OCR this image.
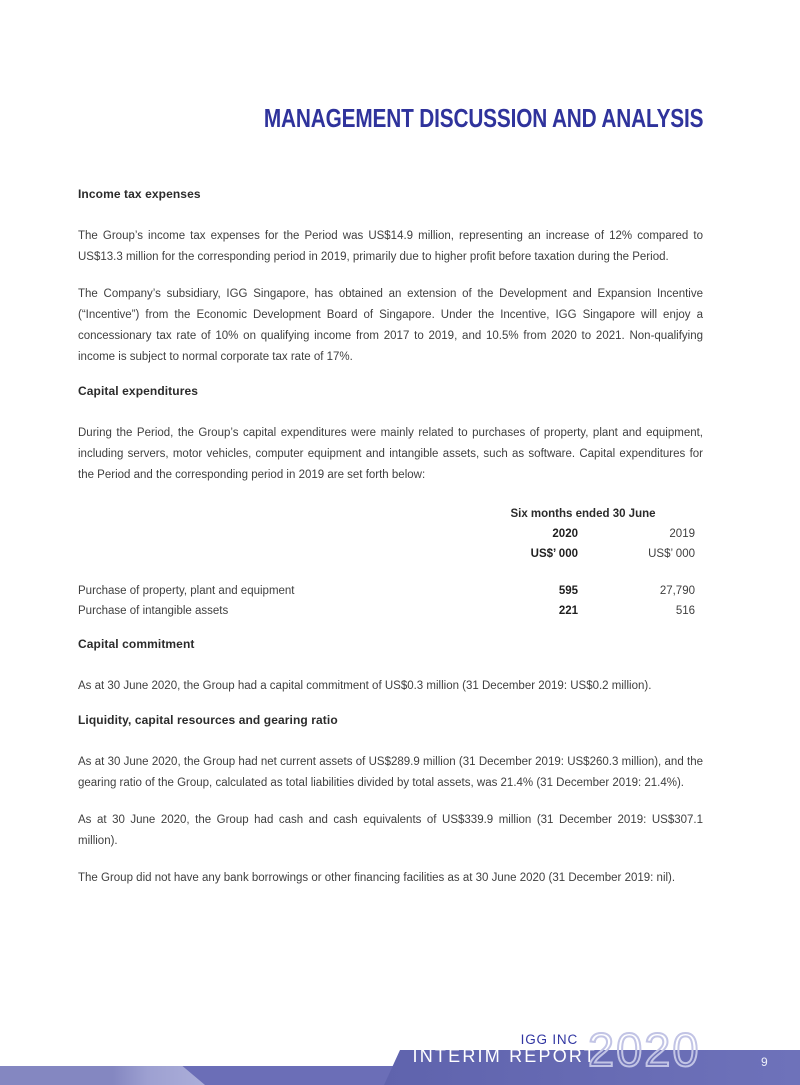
MANAGEMENT DISCUSSION AND ANALYSIS
Income tax expenses

The Group’s income tax expenses for the Period was US$14.9 million, representing an increase of 12% compared to US$13.3 million for the corresponding period in 2019, primarily due to higher profit before taxation during the Period.

The Company’s subsidiary, IGG Singapore, has obtained an extension of the Development and Expansion Incentive (“Incentive”) from the Economic Development Board of Singapore. Under the Incentive, IGG Singapore will enjoy a concessionary tax rate of 10% on qualifying income from 2017 to 2019, and 10.5% from 2020 to 2021. Non-qualifying income is subject to normal corporate tax rate of 17%.

Capital expenditures

During the Period, the Group’s capital expenditures were mainly related to purchases of property, plant and equipment, including servers, motor vehicles, computer equipment and intangible assets, such as software. Capital expenditures for the Period and the corresponding period in 2019 are set forth below:

Six months ended 30 June
2020	2019
US$’ 000	US$’ 000
Purchase of property, plant and equipment	595	27,790
Purchase of intangible assets	221	516
Capital commitment

As at 30 June 2020, the Group had a capital commitment of US$0.3 million (31 December 2019: US$0.2 million).

Liquidity, capital resources and gearing ratio

As at 30 June 2020, the Group had net current assets of US$289.9 million (31 December 2019: US$260.3 million), and the gearing ratio of the Group, calculated as total liabilities divided by total assets, was 21.4% (31 December 2019: 21.4%).

As at 30 June 2020, the Group had cash and cash equivalents of US$339.9 million (31 December 2019: US$307.1 million).

The Group did not have any bank borrowings or other financing facilities as at 30 June 2020 (31 December 2019: nil).

IGG INC
INTERIM REPORT
2020	9
